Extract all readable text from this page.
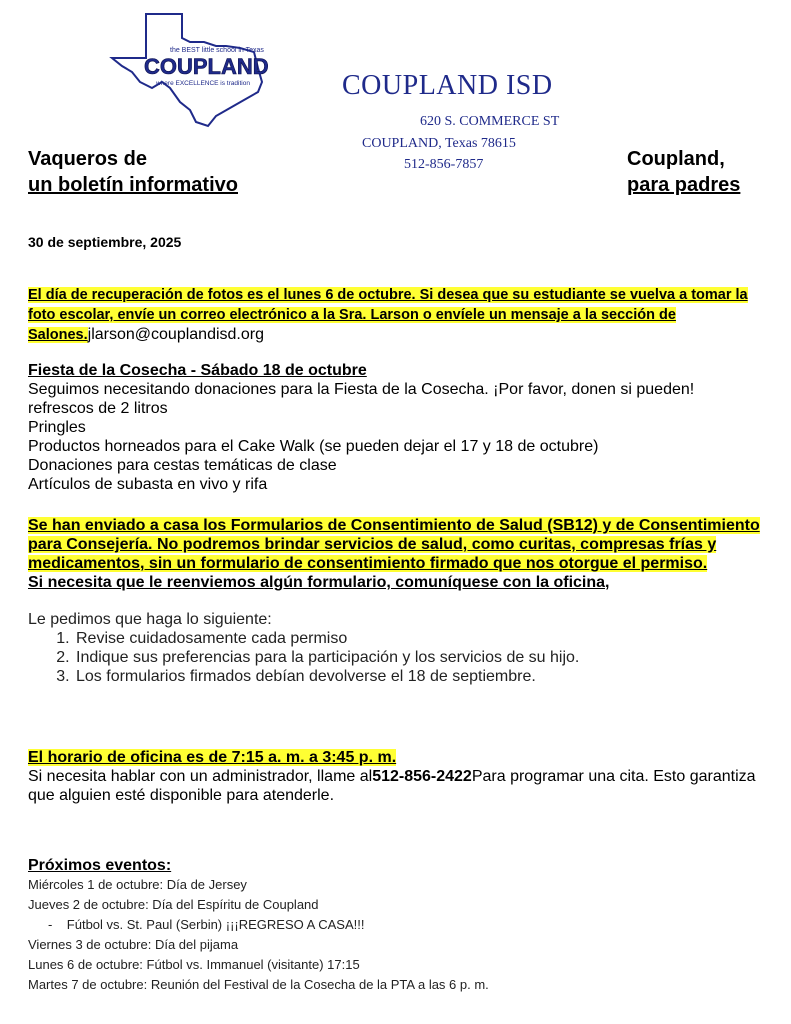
the BEST little school in Texas
COUPLAND
where EXCELLENCE is tradition	COUPLAND ISD
620 S. COMMERCE ST
COUPLAND, Texas 78615
512-856-7857
Vaqueros de
un boletín informativo
Coupland,
para padres
30 de septiembre, 2025
El día de recuperación de fotos es el lunes 6 de octubre. Si desea que su estudiante se vuelva a tomar la foto escolar, envíe un correo electrónico a la Sra. Larson o envíele un mensaje a la sección de Salones.jlarson@couplandisd.org
Fiesta de la Cosecha - Sábado 18 de octubre
Seguimos necesitando donaciones para la Fiesta de la Cosecha. ¡Por favor, donen si pueden!
refrescos de 2 litros
Pringles
Productos horneados para el Cake Walk (se pueden dejar el 17 y 18 de octubre)
Donaciones para cestas temáticas de clase
Artículos de subasta en vivo y rifa
Se han enviado a casa los Formularios de Consentimiento de Salud (SB12) y de Consentimiento para Consejería. No podremos brindar servicios de salud, como curitas, compresas frías y medicamentos, sin un formulario de consentimiento firmado que nos otorgue el permiso.
Si necesita que le reenviemos algún formulario, comuníquese con la oficina,
Le pedimos que haga lo siguiente:
1. Revise cuidadosamente cada permiso
2. Indique sus preferencias para la participación y los servicios de su hijo.
3. Los formularios firmados debían devolverse el 18 de septiembre.
El horario de oficina es de 7:15 a. m. a 3:45 p. m.
Si necesita hablar con un administrador, llame al512-856-2422Para programar una cita. Esto garantiza que alguien esté disponible para atenderle.
Próximos eventos:
Miércoles 1 de octubre: Día de Jersey
Jueves 2 de octubre: Día del Espíritu de Coupland
- Fútbol vs. St. Paul (Serbin) ¡¡¡REGRESO A CASA!!!
Viernes 3 de octubre: Día del pijama
Lunes 6 de octubre: Fútbol vs. Immanuel (visitante) 17:15
Martes 7 de octubre: Reunión del Festival de la Cosecha de la PTA a las 6 p. m.
